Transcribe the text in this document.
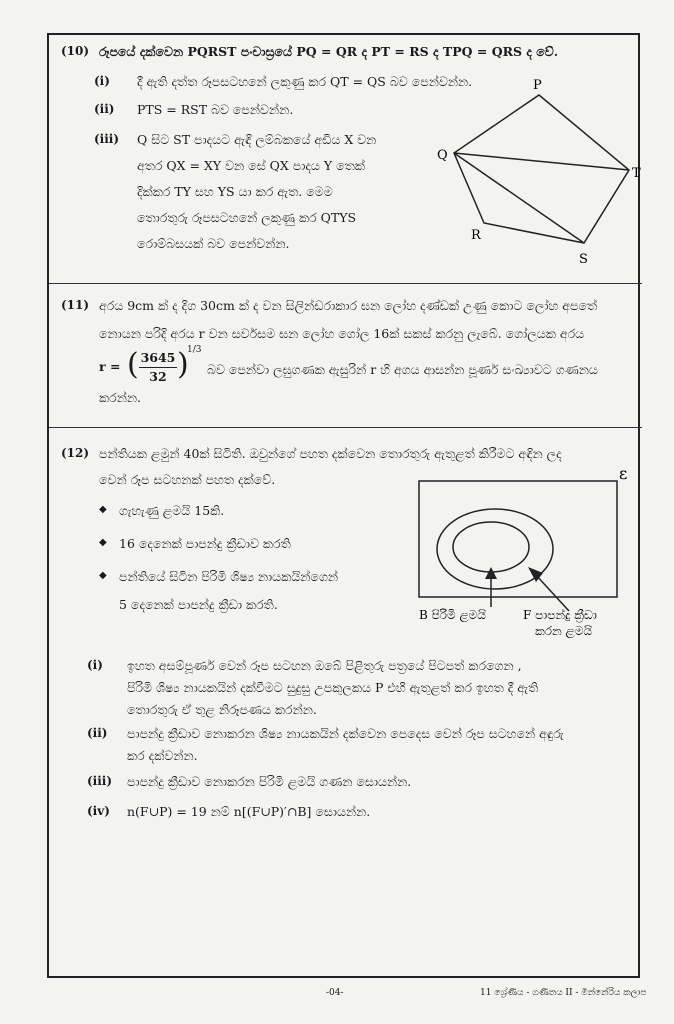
(10) රූපයේ දක්වෙන PQRST පංචාස්‍රයේ PQ = QR ද PT = RS ද TPQ = QRS ද වේ.
(i) දී ඇති දත්ත රූපසටහනේ ලකුණු කර QT = QS බව පෙන්වන්න.
(ii) PTS = RST බව පෙන්වන්න.
(iii) Q සිට ST පාදයට ඇඳි ලම්බකයේ අඩිය X වන
අතර QX = XY වන සේ QX පාදය Y තෙක්
දික්කර TY සහ YS යා කර ඇත. මෙම
තොරතුරු රූපසටහනේ ලකුණු කර QTYS
රොම්බසයක් බව පෙන්වන්න.
P
Q
T
R
S
(11) අරය 9cm ක් ද දිග 30cm ක් ද වන සිලින්ඩරාකාර ඝන ලෝහ දණ්ඩක් උණු කොට ලෝහ අපතේ
නොයන පරිදි අරය r වන සර්වසම ඝන ලෝහ ගෝල 16ක් සකස් කරනු ලැබේ. ගෝලයක අරය
r = ( 3645
32 )
1/3
බව පෙන්වා ලඝුගණක ඇසුරින් r හි අගය ආසන්න පූර්ණ සංඛ්‍යාවට ගණනය
කරන්න.
(12) පන්තියක ළමුන් 40ක් සිටිති. ඔවුන්ගේ පහත දක්වෙන තොරතුරු ඇතුළත් කිරීමට අඳින ලද
වෙන් රූප සටහනක් පහත දක්වේ.
◆ ගැහැණු ළමයි 15කි.
◆ 16 දෙනෙක් පාපන්දු ක්‍රීඩාව කරති
◆ පන්තියේ සිටින පිරිමි ශිෂ්‍ය නායකයින්ගෙන්
5 දෙනෙක් පාපන්දු ක්‍රීඩා කරති.
ε
B පිරිමි ළමයි	F පාපන්දු ක්‍රීඩා
කරන ළමයි
(i) ඉහත අසම්පූර්ණ වෙන් රූප සටහන ඔබේ පිළිතුරු පත්‍රයේ පිටපත් කරගෙන ,
පිරිමි ශිෂ්‍ය නායකයින් දක්වීමට සුදුසු උපකුලකය P එහි ඇතුළත් කර ඉහත දී ඇති
තොරතුරු ඒ තුළ නිරූපණය කරන්න.
(ii) පාපන්දු ක්‍රීඩාව නොකරන ශිෂ්‍ය නායකයින් දක්වෙන පෙදෙස වෙන් රූප සටහනේ අඳුරු
කර දක්වන්න.
(iii) පාපන්දු ක්‍රීඩාව නොකරන පිරිමි ළමයි ගණන සොයන්න.
(iv) n(F∪P) = 19 නම් n[(F∪P)′∩B] සොයන්න.
-04-	11 ශ්‍රේණිය - ගණිතය II - මින්නේරිය කලාප
